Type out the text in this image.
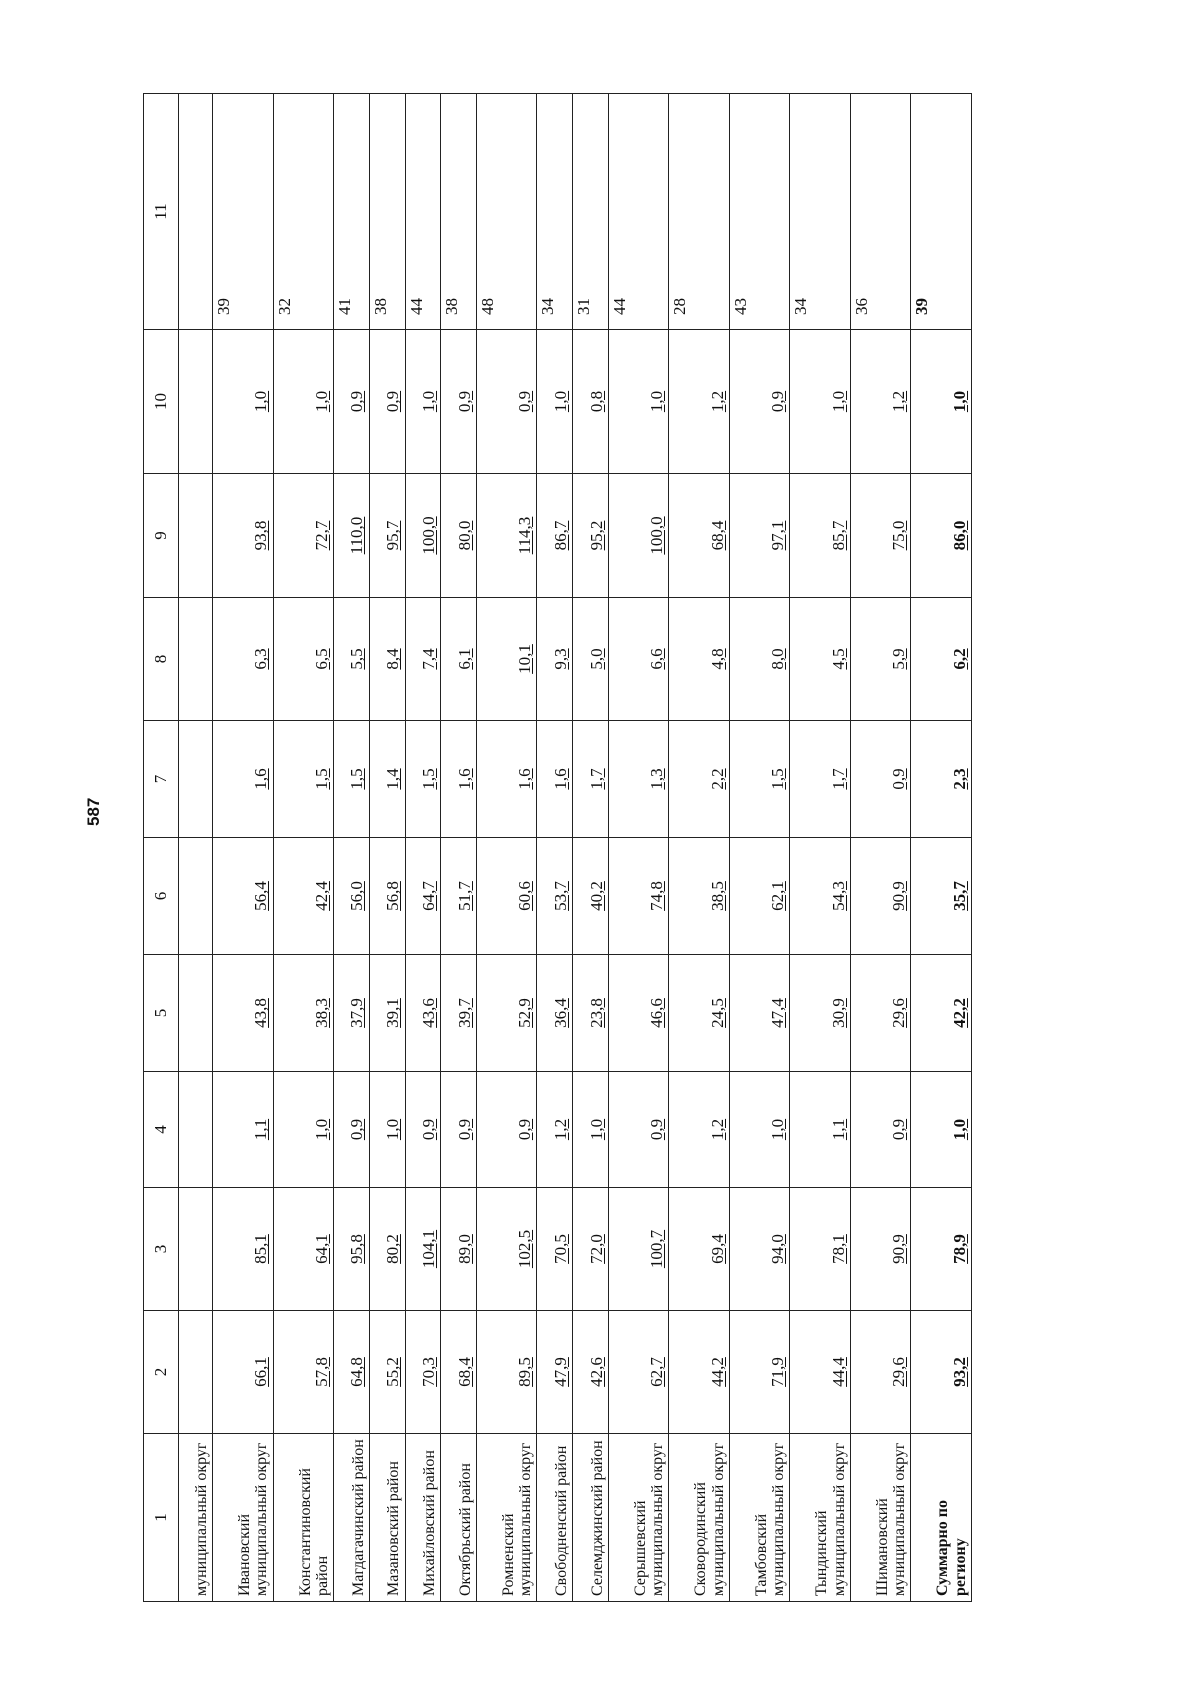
587
1	2	3	4	5	6	7	8	9	10	11
муниципальный округ										
Ивановский муниципальный округ	66,1	85,1	1,1	43,8	56,4	1,6	6,3	93,8	1,0	39
Константиновский район	57,8	64,1	1,0	38,3	42,4	1,5	6,5	72,7	1,0	32
Магдагачинский район	64,8	95,8	0,9	37,9	56,0	1,5	5,5	110,0	0,9	41
Мазановский район	55,2	80,2	1,0	39,1	56,8	1,4	8,4	95,7	0,9	38
Михайловский район	70,3	104,1	0,9	43,6	64,7	1,5	7,4	100,0	1,0	44
Октябрьский район	68,4	89,0	0,9	39,7	51,7	1,6	6,1	80,0	0,9	38
Ромненский муниципальный округ	89,5	102,5	0,9	52,9	60,6	1,6	10,1	114,3	0,9	48
Свободненский район	47,9	70,5	1,2	36,4	53,7	1,6	9,3	86,7	1,0	34
Селемджинский район	42,6	72,0	1,0	23,8	40,2	1,7	5,0	95,2	0,8	31
Серышевский муниципальный округ	62,7	100,7	0,9	46,6	74,8	1,3	6,6	100,0	1,0	44
Сковородинский муниципальный округ	44,2	69,4	1,2	24,5	38,5	2,2	4,8	68,4	1,2	28
Тамбовский муниципальный округ	71,9	94,0	1,0	47,4	62,1	1,5	8,0	97,1	0,9	43
Тындинский муниципальный округ	44,4	78,1	1,1	30,9	54,3	1,7	4,5	85,7	1,0	34
Шимановский муниципальный округ	29,6	90,9	0,9	29,6	90,9	0,9	5,9	75,0	1,2	36
Суммарно по региону	93,2	78,9	1,0	42,2	35,7	2,3	6,2	86,0	1,0	39
